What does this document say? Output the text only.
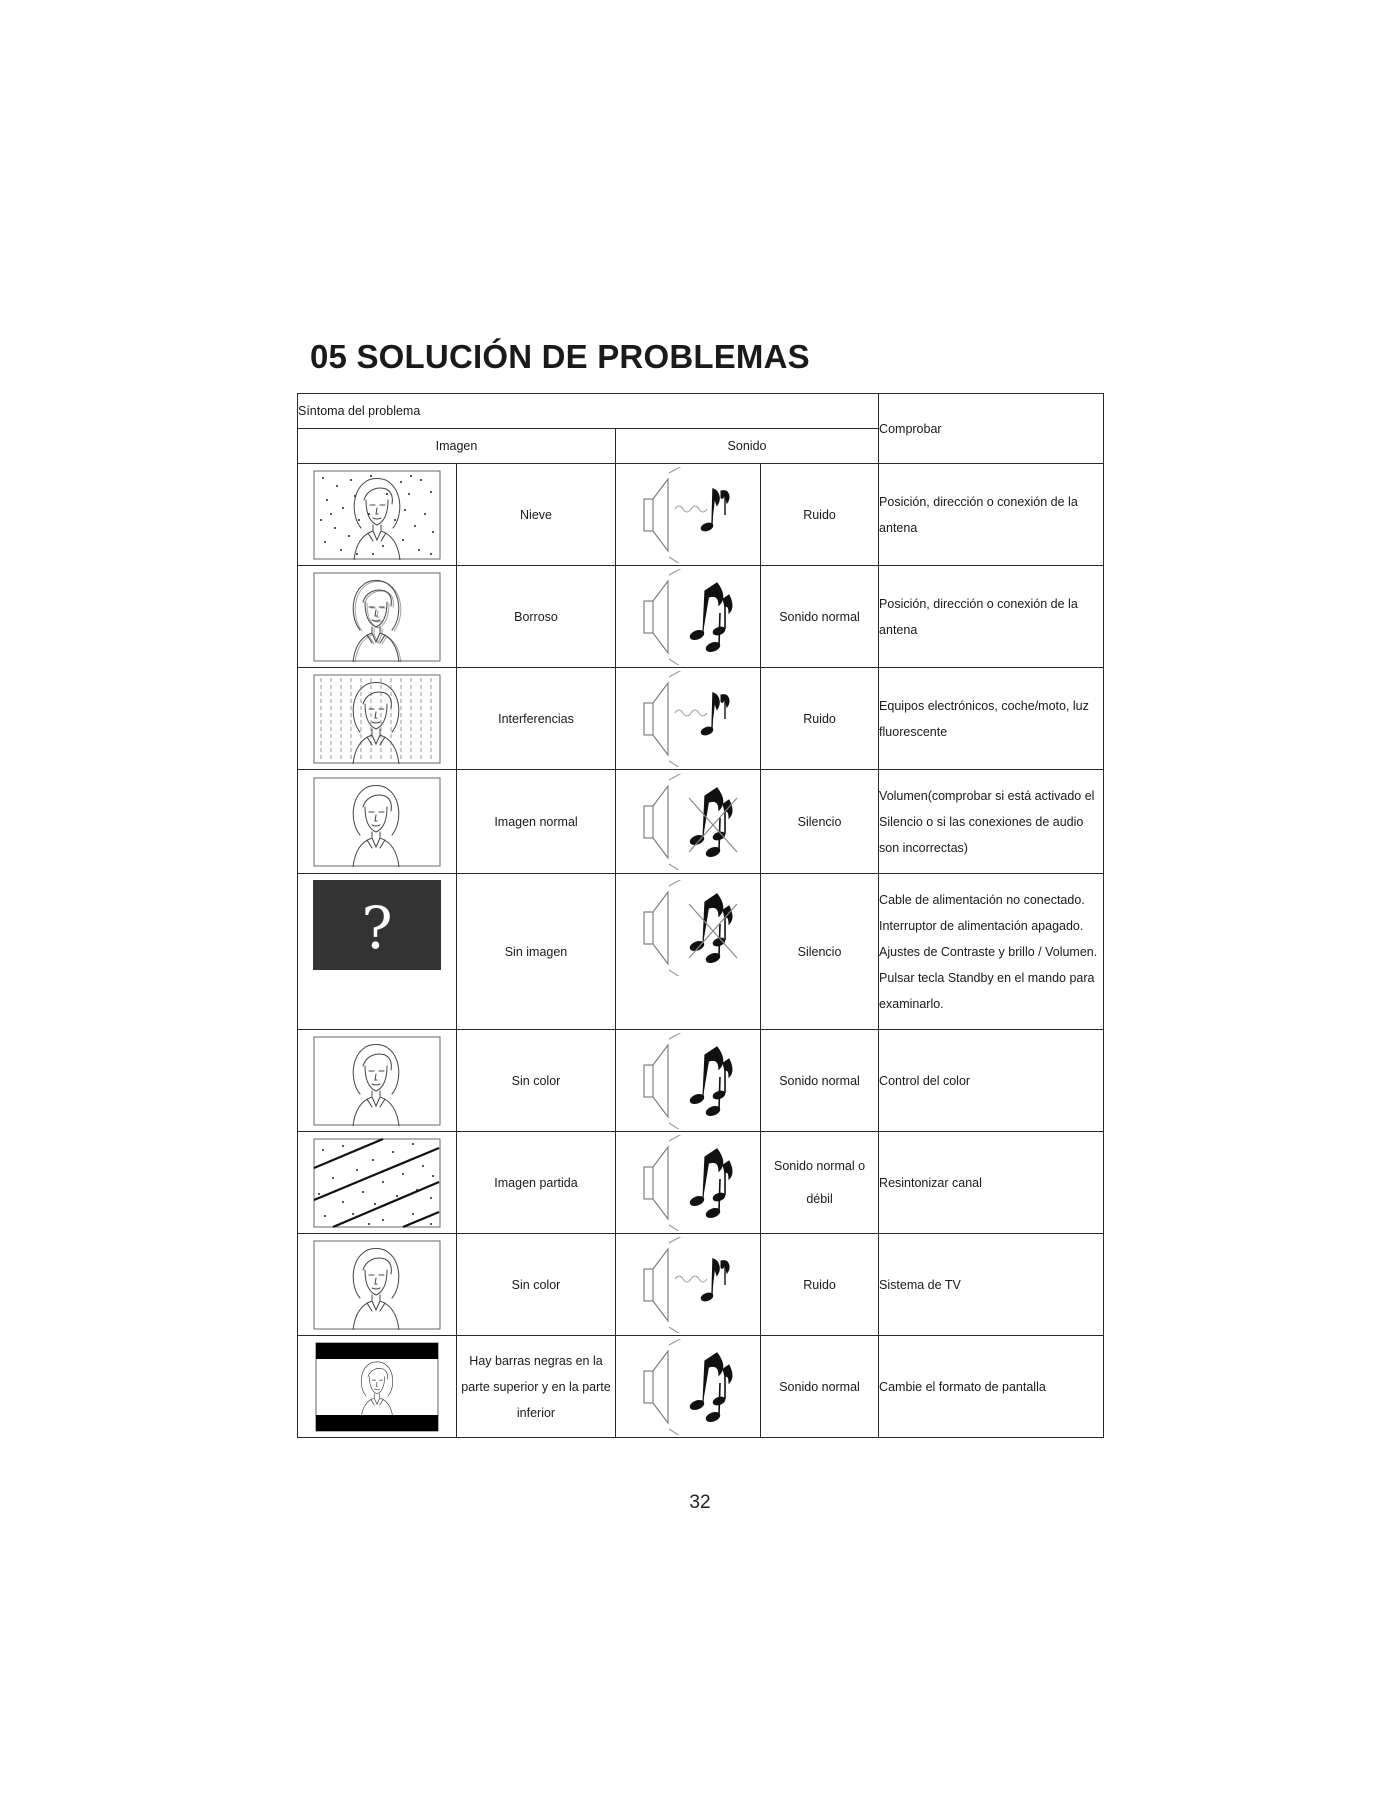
05 SOLUCIÓN DE PROBLEMAS
Síntoma del problema				Comprobar
Imagen		Sonido		

	Nieve		Ruido	Posición, dirección o conexión de la antena

	Borroso		Sonido normal	Posición, dirección o conexión de la antena

	Interferencias		Ruido	Equipos electrónicos, coche/moto, luz fluorescente

	Imagen normal		Silencio	Volumen(comprobar si está activado el Silencio o si las conexiones de audio son incorrectas)

?	Sin imagen		Silencio	Cable de alimentación no conectado. Interruptor de alimentación apagado. Ajustes de Contraste y brillo / Volumen. Pulsar tecla Standby en el mando para examinarlo.

	Sin color		Sonido normal	Control del color

	Imagen partida		Sonido normal o débil	Resintonizar canal

	Sin color		Ruido	Sistema de TV

	Hay barras negras en la parte superior y en la parte inferior		Sonido normal	Cambie el formato de pantalla
32
